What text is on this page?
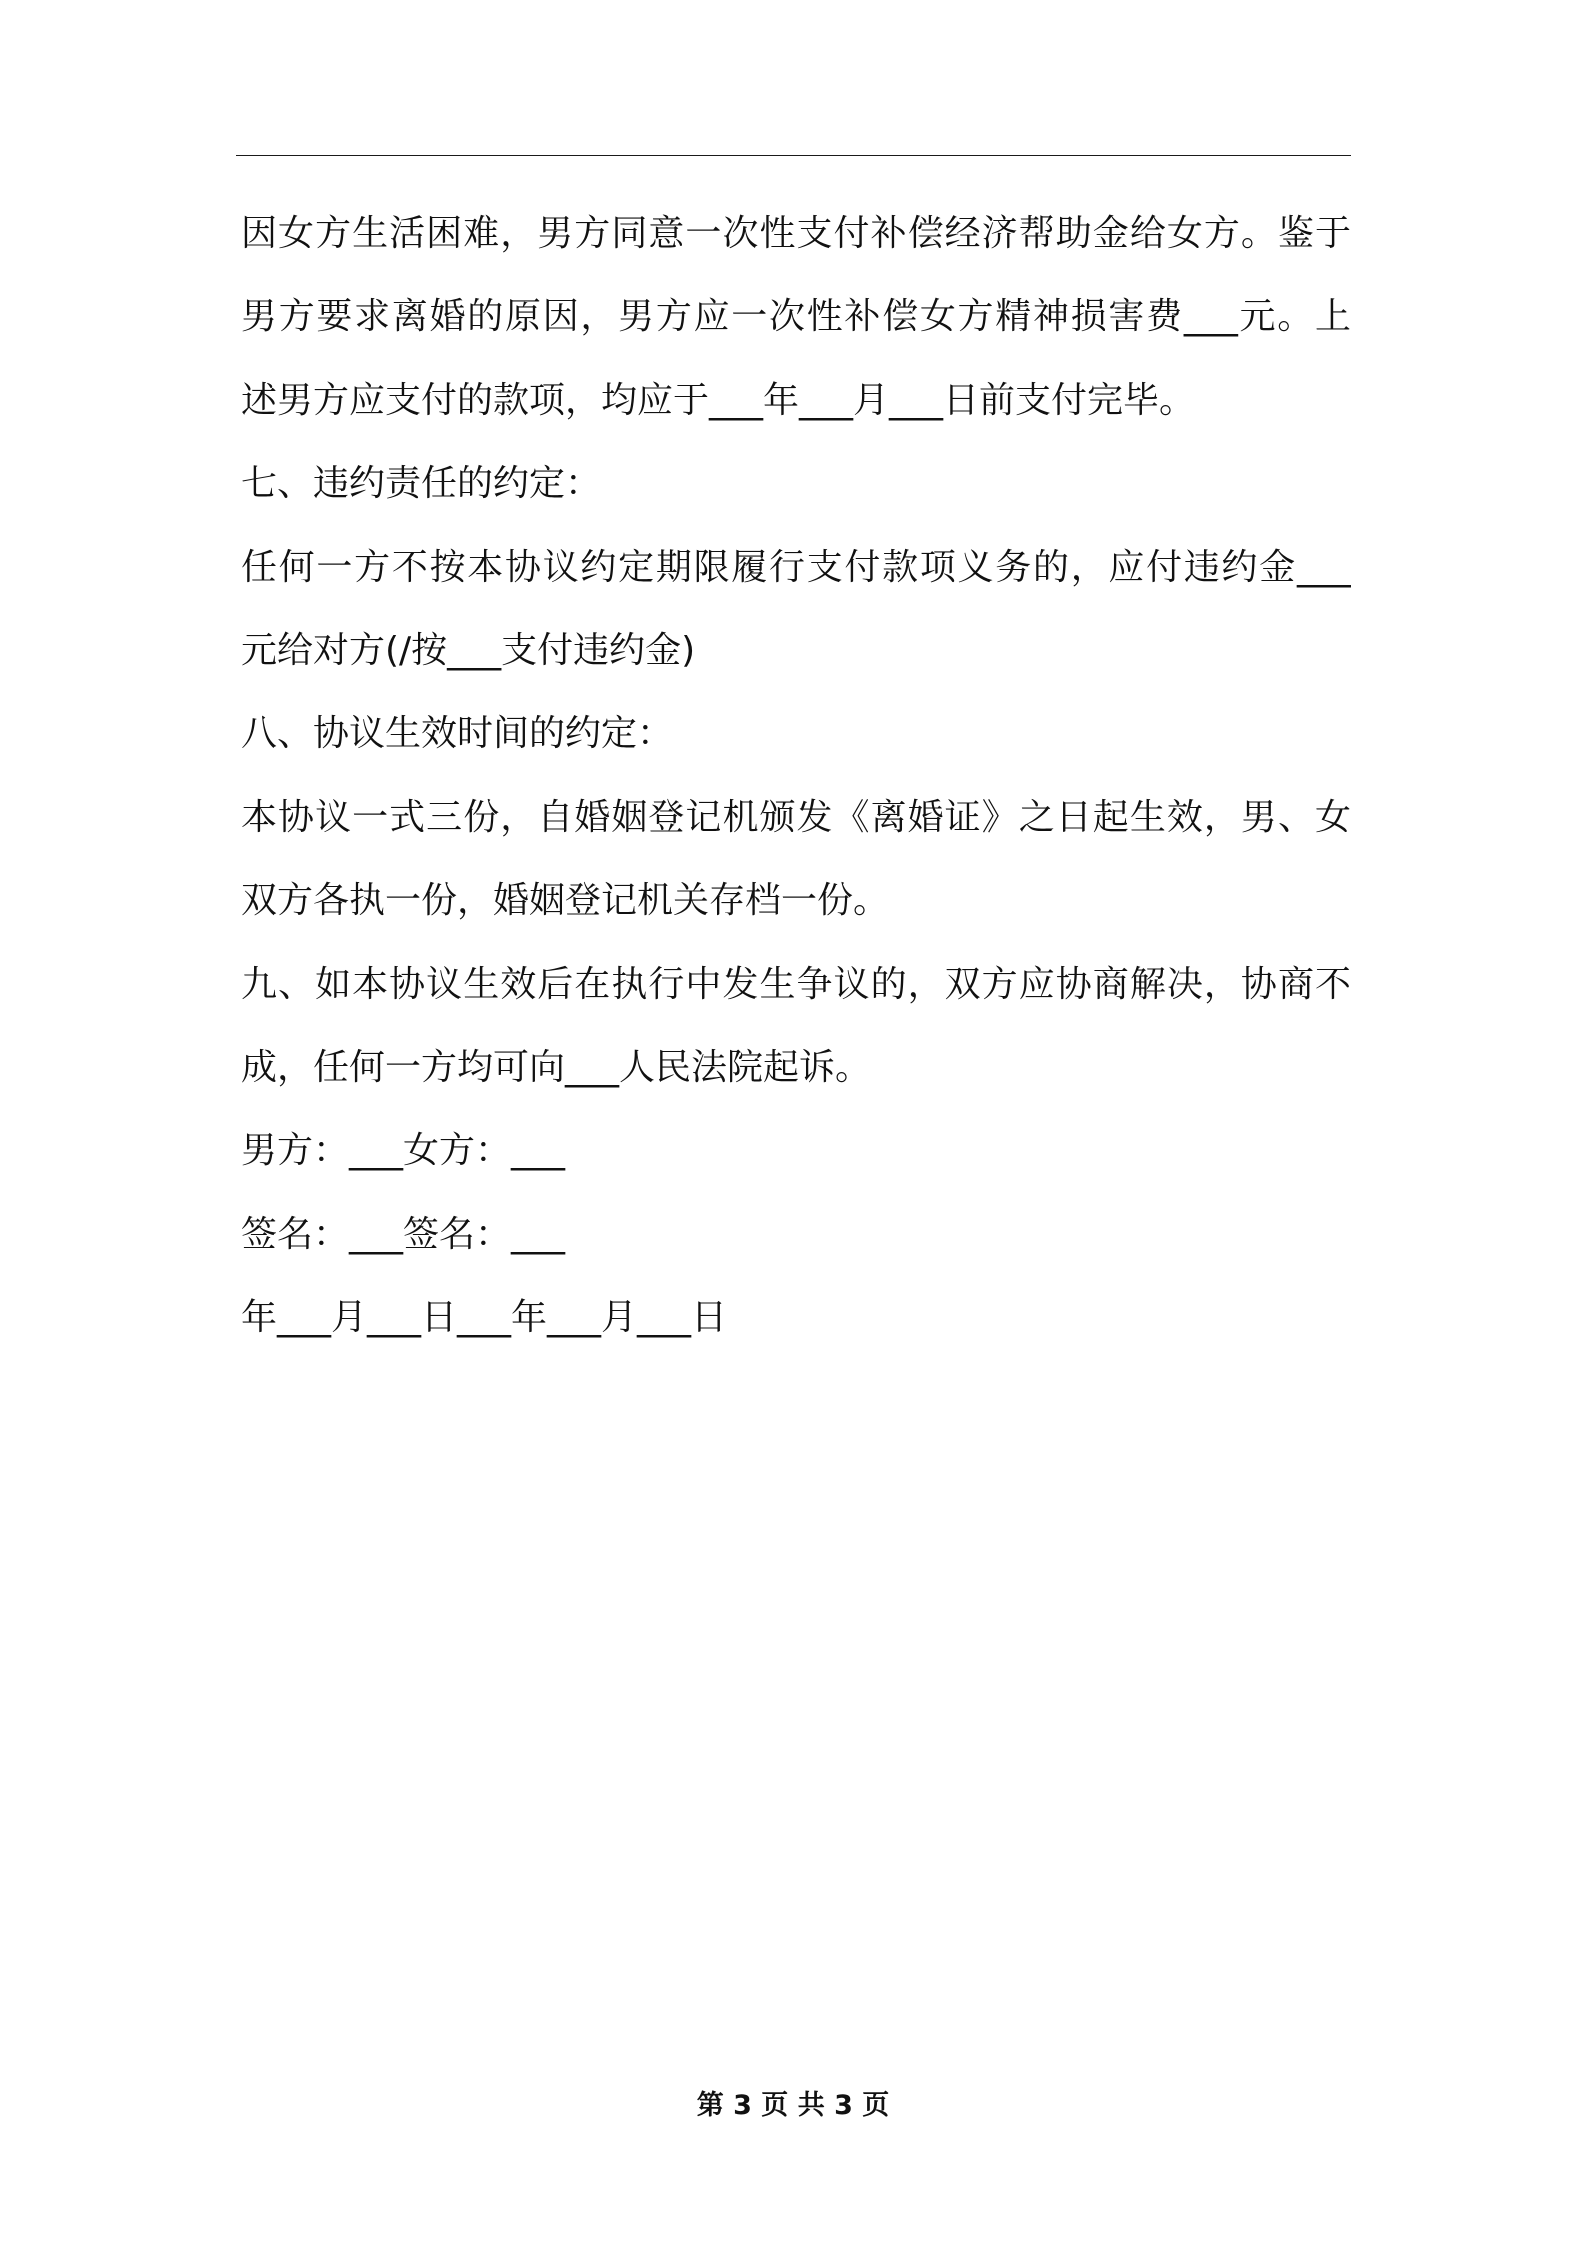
因女方生活困难，男方同意一次性支付补偿经济帮助金给女方。鉴于
男方要求离婚的原因，男方应一次性补偿女方精神损害费___元。上
述男方应支付的款项，均应于___年___月___日前支付完毕。
七、违约责任的约定：
任何一方不按本协议约定期限履行支付款项义务的，应付违约金___
元给对方(/按___支付违约金)
八、协议生效时间的约定：
本协议一式三份，自婚姻登记机颁发《离婚证》之日起生效，男、女
双方各执一份，婚姻登记机关存档一份。
九、如本协议生效后在执行中发生争议的，双方应协商解决，协商不
成，任何一方均可向___人民法院起诉。
男方：___女方：___
签名：___签名：___
年___月___日___年___月___日
第 3 页 共 3 页
